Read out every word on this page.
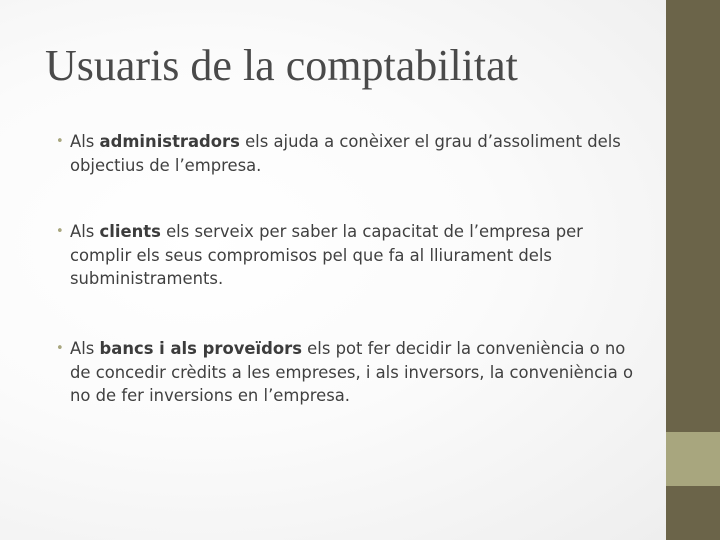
Usuaris de la comptabilitat
• Als administradors els ajuda a conèixer el grau d’assoliment dels objectius de l’empresa.
• Als clients els serveix per saber la capacitat de l’empresa per complir els seus compromisos pel que fa al lliurament dels subministraments.
• Als bancs i als proveïdors els pot fer decidir la conveniència o no de concedir crèdits a les empreses, i als inversors, la conveniència o no de fer inversions en l’empresa.
